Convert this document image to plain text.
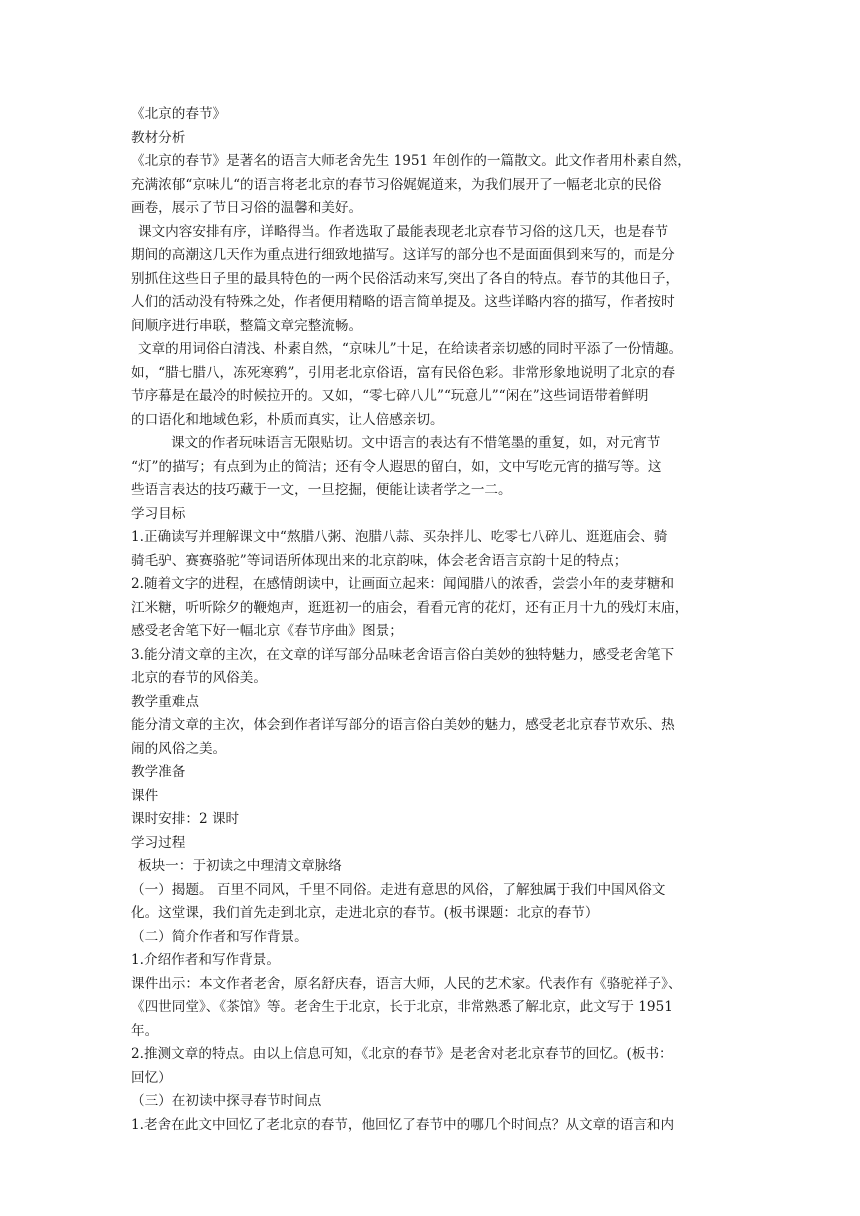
《北京的春节》
教材分析
《北京的春节》是著名的语言大师老舍先生 1951 年创作的一篇散文。此文作者用朴素自然，
充满浓郁“京味儿“的语言将老北京的春节习俗娓娓道来，为我们展开了一幅老北京的民俗
画卷，展示了节日习俗的温馨和美好。
课文内容安排有序，详略得当。作者选取了最能表现老北京春节习俗的这几天，也是春节
期间的高潮这几天作为重点进行细致地描写。这详写的部分也不是面面俱到来写的，而是分
别抓住这些日子里的最具特色的一两个民俗活动来写,突出了各自的特点。春节的其他日子，
人们的活动没有特殊之处，作者便用精略的语言简单提及。这些详略内容的描写，作者按时
间顺序进行串联，整篇文章完整流畅。
文章的用词俗白清浅、朴素自然，“京味儿”十足，在给读者亲切感的同时平添了一份情趣。
如，“腊七腊八，冻死寒鸦”，引用老北京俗语，富有民俗色彩。非常形象地说明了北京的春
节序幕是在最冷的时候拉开的。又如，“零七碎八儿”“玩意儿”“闲在”这些词语带着鲜明
的口语化和地域色彩，朴质而真实，让人倍感亲切。
课文的作者玩味语言无限贴切。文中语言的表达有不惜笔墨的重复，如，对元宵节
“灯”的描写；有点到为止的简洁；还有令人遐思的留白，如，文中写吃元宵的描写等。这
些语言表达的技巧藏于一文，一旦挖掘，便能让读者学之一二。
学习目标
1.正确读写并理解课文中“熬腊八粥、泡腊八蒜、买杂拌儿、吃零七八碎儿、逛逛庙会、骑
骑毛驴、赛赛骆驼”等词语所体现出来的北京韵味，体会老舍语言京韵十足的特点；
2.随着文字的进程，在感情朗读中，让画面立起来：闻闻腊八的浓香，尝尝小年的麦芽糖和
江米糖，听听除夕的鞭炮声，逛逛初一的庙会，看看元宵的花灯，还有正月十九的残灯末庙，
感受老舍笔下好一幅北京《春节序曲》图景；
3.能分清文章的主次，在文章的详写部分品味老舍语言俗白美妙的独特魅力，感受老舍笔下
北京的春节的风俗美。
教学重难点
能分清文章的主次，体会到作者详写部分的语言俗白美妙的魅力，感受老北京春节欢乐、热
闹的风俗之美。
教学准备
课件
课时安排：2 课时
学习过程
板块一：于初读之中理清文章脉络
（一）揭题。 百里不同风，千里不同俗。走进有意思的风俗，了解独属于我们中国风俗文
化。这堂课，我们首先走到北京，走进北京的春节。(板书课题：北京的春节）
（二）简介作者和写作背景。
1.介绍作者和写作背景。
课件出示：本文作者老舍，原名舒庆春，语言大师，人民的艺术家。代表作有《骆驼祥子》、
《四世同堂》、《茶馆》等。老舍生于北京，长于北京，非常熟悉了解北京，此文写于 1951
年。
2.推测文章的特点。由以上信息可知，《北京的春节》是老舍对老北京春节的回忆。(板书：
回忆）
（三）在初读中探寻春节时间点
1.老舍在此文中回忆了老北京的春节，他回忆了春节中的哪几个时间点？从文章的语言和内
